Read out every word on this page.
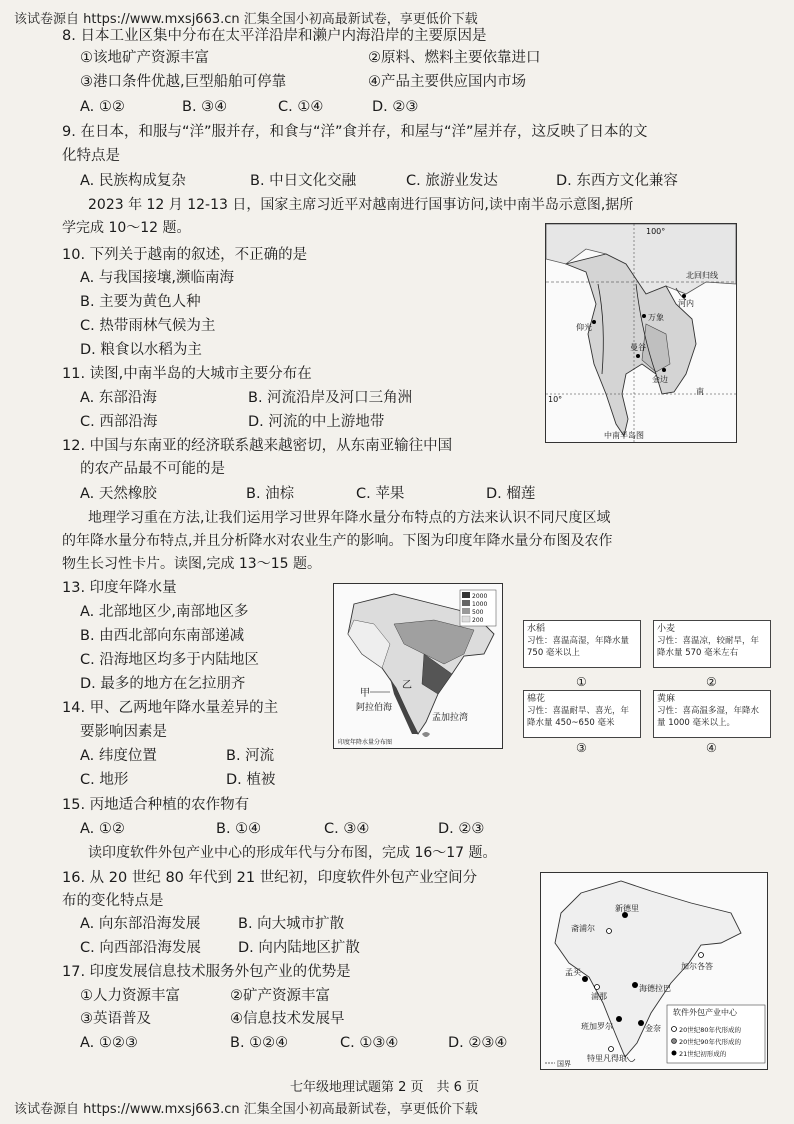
该试卷源自 https://www.mxsj663.cn 汇集全国小初高最新试卷，享更低价下载
该试卷源自 https://www.mxsj663.cn 汇集全国小初高最新试卷，享更低价下载
8. 日本工业区集中分布在太平洋沿岸和濑户内海沿岸的主要原因是
①该地矿产资源丰富	②原料、燃料主要依靠进口
③港口条件优越,巨型船舶可停靠	④产品主要供应国内市场
A. ①②	B. ③④	C. ①④	D. ②③
9. 在日本，和服与“洋”服并存，和食与“洋”食并存，和屋与“洋”屋并存，这反映了日本的文
化特点是
A. 民族构成复杂	B. 中日文化交融	C. 旅游业发达	D. 东西方文化兼容
2023 年 12 月 12-13 日，国家主席习近平对越南进行国事访问,读中南半岛示意图,据所
学完成 10～12 题。
10. 下列关于越南的叙述，不正确的是
A. 与我国接壤,濒临南海
B. 主要为黄色人种
C. 热带雨林气候为主
D. 粮食以水稻为主
11. 读图,中南半岛的大城市主要分布在
A. 东部沿海	B. 河流沿岸及河口三角洲
C. 西部沿海	D. 河流的中上游地带
12. 中国与东南亚的经济联系越来越密切，从东南亚输往中国
的农产品最不可能的是
A. 天然橡胶	B. 油棕	C. 苹果	D. 榴莲
100°
北回归线
河内
万象
仰光
曼谷
金边
南
10°
中南半岛图
地理学习重在方法,让我们运用学习世界年降水量分布特点的方法来认识不同尺度区域
的年降水量分布特点,并且分析降水对农业生产的影响。下图为印度年降水量分布图及农作
物生长习性卡片。读图,完成 13～15 题。
13. 印度年降水量
A. 北部地区少,南部地区多
B. 由西北部向东南部递减
C. 沿海地区均多于内陆地区
D. 最多的地方在乞拉朋齐
14. 甲、乙两地年降水量差异的主
要影响因素是
A. 纬度位置	B. 河流
C. 地形	D. 植被
15. 丙地适合种植的农作物有
A. ①②	B. ①④	C. ③④	D. ②③
2000
1000
500
200
甲
乙
阿拉伯海
孟加拉湾
印度年降水量分布图
水稻
习性：喜温高湿，年降水量 750 毫米以上
小麦
习性：喜温凉，较耐旱，年降水量 570 毫米左右
①	②
棉花
习性：喜温耐旱、喜光，年降水量 450~650 毫米
黄麻
习性：喜高温多湿，年降水量 1000 毫米以上。
③	④
读印度软件外包产业中心的形成年代与分布图，完成 16～17 题。
16. 从 20 世纪 80 年代到 21 世纪初，印度软件外包产业空间分
布的变化特点是
A. 向东部沿海发展	B. 向大城市扩散
C. 向西部沿海发展	D. 向内陆地区扩散
17. 印度发展信息技术服务外包产业的优势是
①人力资源丰富	②矿产资源丰富
③英语普及	④信息技术发展早
A. ①②③	B. ①②④	C. ①③④	D. ②③④
新德里
斋浦尔
加尔各答
孟买
浦那
海德拉巴
班加罗尔	金奈
特里凡得琅
软件外包产业中心
20世纪80年代形成的
20世纪90年代形成的
21世纪初形成的
国界
七年级地理试题第 2 页　共 6 页
